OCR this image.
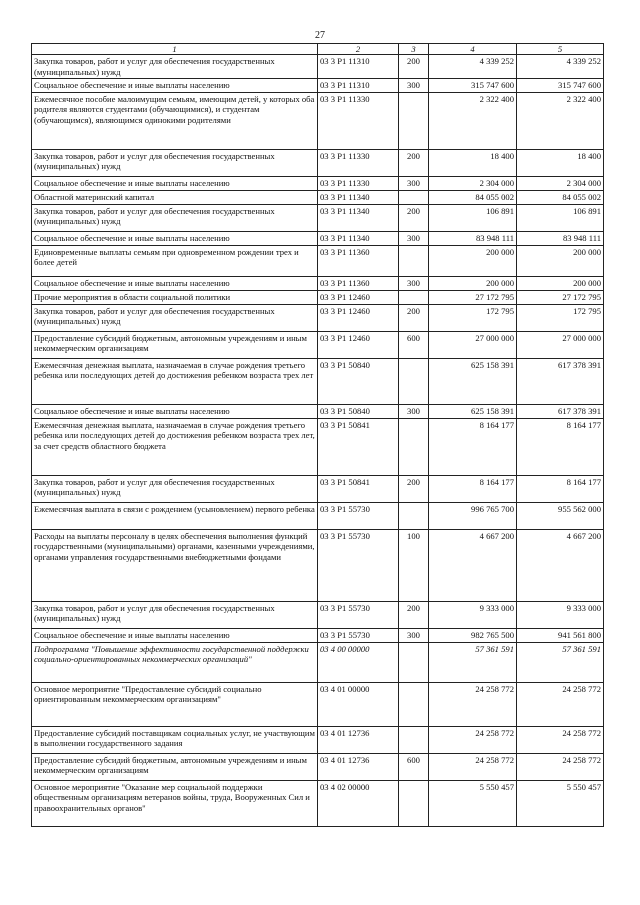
27
1	2	3	4	5
Закупка товаров, работ и услуг для обеспечения государственных (муниципальных) нужд	03 3 P1 11310	200	4 339 252	4 339 252
Социальное обеспечение и иные выплаты населению	03 3 P1 11310	300	315 747 600	315 747 600
Ежемесячное пособие малоимущим семьям, имеющим детей, у которых оба родителя являются студентами (обучающимися), и студентам (обучающимся), являющимся одинокими родителями	03 3 P1 11330		2 322 400	2 322 400
Закупка товаров, работ и услуг для обеспечения государственных (муниципальных) нужд	03 3 P1 11330	200	18 400	18 400
Социальное обеспечение и иные выплаты населению	03 3 P1 11330	300	2 304 000	2 304 000
Областной материнский капитал	03 3 P1 11340		84 055 002	84 055 002
Закупка товаров, работ и услуг для обеспечения государственных (муниципальных) нужд	03 3 P1 11340	200	106 891	106 891
Социальное обеспечение и иные выплаты населению	03 3 P1 11340	300	83 948 111	83 948 111
Единовременные выплаты семьям при одновременном рождении трех и более детей	03 3 P1 11360		200 000	200 000
Социальное обеспечение и иные выплаты населению	03 3 P1 11360	300	200 000	200 000
Прочие мероприятия в области социальной политики	03 3 P1 12460		27 172 795	27 172 795
Закупка товаров, работ и услуг для обеспечения государственных (муниципальных) нужд	03 3 P1 12460	200	172 795	172 795
Предоставление субсидий бюджетным, автономным учреждениям и иным некоммерческим организациям	03 3 P1 12460	600	27 000 000	27 000 000
Ежемесячная денежная выплата, назначаемая в случае рождения третьего ребенка или последующих детей до достижения ребенком возраста трех лет	03 3 P1 50840		625 158 391	617 378 391
Социальное обеспечение и иные выплаты населению	03 3 P1 50840	300	625 158 391	617 378 391
Ежемесячная денежная выплата, назначаемая в случае рождения третьего ребенка или последующих детей до достижения ребенком возраста трех лет, за счет средств областного бюджета	03 3 P1 50841		8 164 177	8 164 177
Закупка товаров, работ и услуг для обеспечения государственных (муниципальных) нужд	03 3 P1 50841	200	8 164 177	8 164 177
Ежемесячная выплата в связи с рождением (усыновлением) первого ребенка	03 3 P1 55730		996 765 700	955 562 000
Расходы на выплаты персоналу в целях обеспечения выполнения функций государственными (муниципальными) органами, казенными учреждениями, органами управления государственными внебюджетными фондами	03 3 P1 55730	100	4 667 200	4 667 200
Закупка товаров, работ и услуг для обеспечения государственных (муниципальных) нужд	03 3 P1 55730	200	9 333 000	9 333 000
Социальное обеспечение и иные выплаты населению	03 3 P1 55730	300	982 765 500	941 561 800
Подпрограмма "Повышение эффективности государственной поддержки социально-ориентированных некоммерческих организаций"	03 4 00 00000		57 361 591	57 361 591
Основное мероприятие "Предоставление субсидий социально ориентированным некоммерческим организациям"	03 4 01 00000		24 258 772	24 258 772
Предоставление субсидий поставщикам социальных услуг, не участвующим в выполнении государственного задания	03 4 01 12736		24 258 772	24 258 772
Предоставление субсидий бюджетным, автономным учреждениям и иным некоммерческим организациям	03 4 01 12736	600	24 258 772	24 258 772
Основное мероприятие "Оказание мер социальной поддержки общественным организациям ветеранов войны, труда, Вооруженных Сил и правоохранительных органов"	03 4 02 00000		5 550 457	5 550 457
